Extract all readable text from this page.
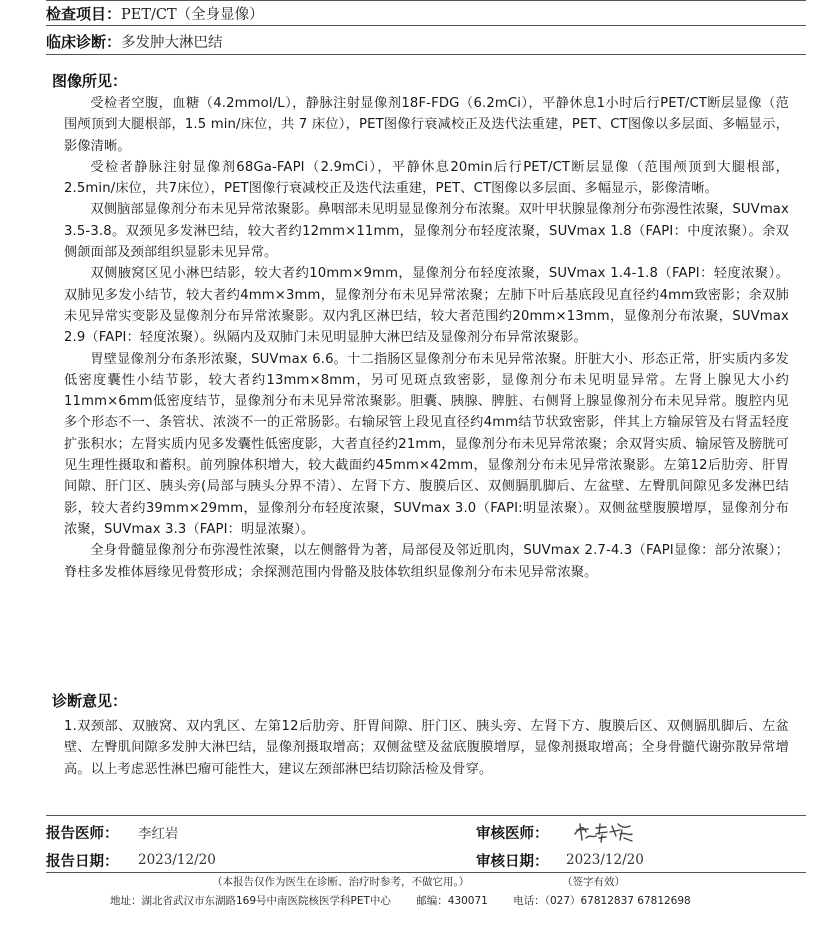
检查项目： PET/CT（全身显像）
临床诊断： 多发肿大淋巴结
图像所见：

受检者空腹，血糖（4.2mmol/L），静脉注射显像剂18F-FDG（6.2mCi），平静休息1小时后行PET/CT断层显像（范围颅顶到大腿根部，1.5 min/床位，共 7 床位），PET图像行衰减校正及迭代法重建，PET、CT图像以多层面、多幅显示，影像清晰。

受检者静脉注射显像剂68Ga-FAPI（2.9mCi），平静休息20min后行PET/CT断层显像（范围颅顶到大腿根部，2.5min/床位，共7床位），PET图像行衰减校正及迭代法重建，PET、CT图像以多层面、多幅显示，影像清晰。

双侧脑部显像剂分布未见异常浓聚影。鼻咽部未见明显显像剂分布浓聚。双叶甲状腺显像剂分布弥漫性浓聚，SUVmax 3.5-3.8。双颈见多发淋巴结，较大者约12mm×11mm，显像剂分布轻度浓聚，SUVmax 1.8（FAPI：中度浓聚）。余双侧颌面部及颈部组织显影未见异常。

双侧腋窝区见小淋巴结影，较大者约10mm×9mm，显像剂分布轻度浓聚，SUVmax 1.4-1.8（FAPI：轻度浓聚）。双肺见多发小结节，较大者约4mm×3mm，显像剂分布未见异常浓聚；左肺下叶后基底段见直径约4mm致密影；余双肺未见异常实变影及显像剂分布异常浓聚影。双内乳区淋巴结，较大者范围约20mm×13mm，显像剂分布浓聚，SUVmax 2.9（FAPI：轻度浓聚）。纵隔内及双肺门未见明显肿大淋巴结及显像剂分布异常浓聚影。

胃壁显像剂分布条形浓聚，SUVmax 6.6。十二指肠区显像剂分布未见异常浓聚。肝脏大小、形态正常，肝实质内多发低密度囊性小结节影，较大者约13mm×8mm，另可见斑点致密影，显像剂分布未见明显异常。左肾上腺见大小约11mm×6mm低密度结节，显像剂分布未见异常浓聚影。胆囊、胰腺、脾脏、右侧肾上腺显像剂分布未见异常。腹腔内见多个形态不一、条管状、浓淡不一的正常肠影。右输尿管上段见直径约4mm结节状致密影，伴其上方输尿管及右肾盂轻度扩张积水；左肾实质内见多发囊性低密度影，大者直径约21mm，显像剂分布未见异常浓聚；余双肾实质、输尿管及膀胱可见生理性摄取和蓄积。前列腺体积增大，较大截面约45mm×42mm，显像剂分布未见异常浓聚影。左第12后肋旁、肝胃间隙、肝门区、胰头旁(局部与胰头分界不清）、左肾下方、腹膜后区、双侧膈肌脚后、左盆壁、左臀肌间隙见多发淋巴结影，较大者约39mm×29mm，显像剂分布轻度浓聚，SUVmax 3.0（FAPI:明显浓聚）。双侧盆壁腹膜增厚，显像剂分布浓聚，SUVmax 3.3（FAPI：明显浓聚）。

全身骨髓显像剂分布弥漫性浓聚，以左侧髂骨为著，局部侵及邻近肌肉，SUVmax 2.7-4.3（FAPI显像：部分浓聚）；脊柱多发椎体唇缘见骨赘形成；余探测范围内骨骼及肢体软组织显像剂分布未见异常浓聚。

诊断意见：

1.双颈部、双腋窝、双内乳区、左第12后肋旁、肝胃间隙、肝门区、胰头旁、左肾下方、腹膜后区、双侧膈肌脚后、左盆壁、左臀肌间隙多发肿大淋巴结，显像剂摄取增高；双侧盆壁及盆底腹膜增厚，显像剂摄取增高；全身骨髓代谢弥散异常增高。以上考虑恶性淋巴瘤可能性大，建议左颈部淋巴结切除活检及骨穿。

报告医师：	李红岩	审核医师：
报告日期：	2023/12/20	审核日期：	2023/12/20
（本报告仅作为医生在诊断、治疗时参考，不做它用。）	（签字有效）
地址：湖北省武汉市东湖路169号中南医院核医学科PET中心 邮编：430071 电话：（027）67812837 67812698
